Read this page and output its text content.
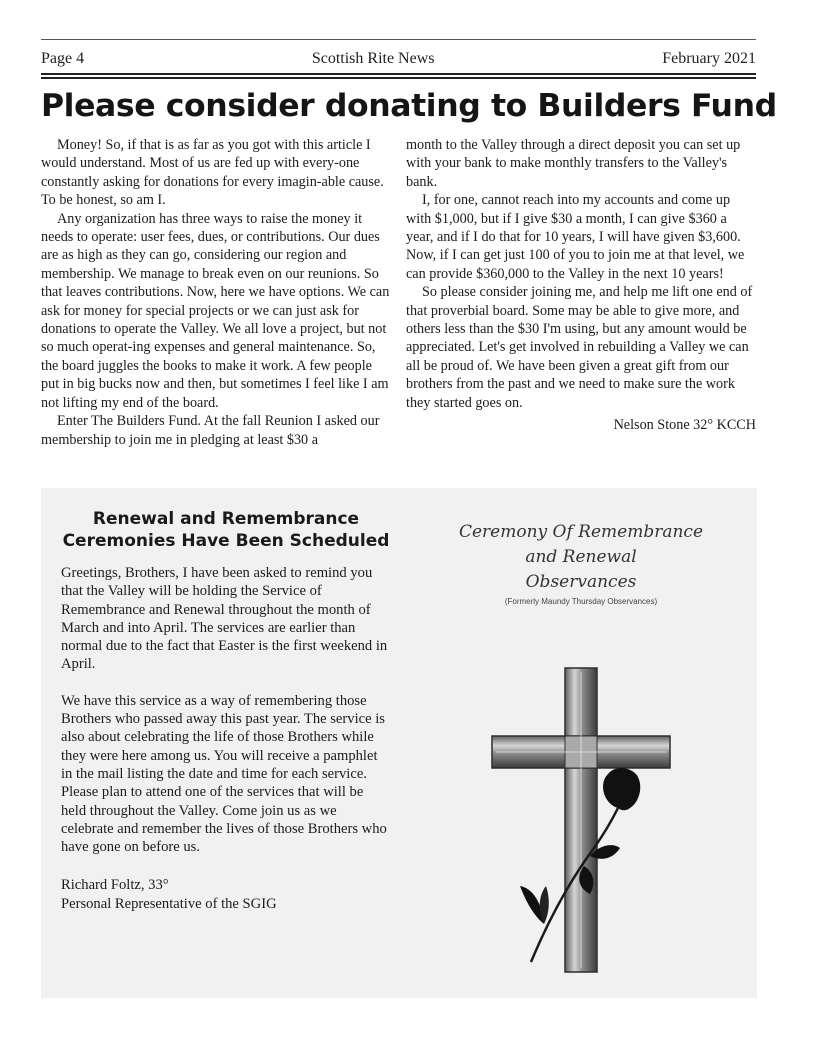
Page 4	Scottish Rite News	February 2021
Please consider donating to Builders Fund

Money! So, if that is as far as you got with this article I would understand. Most of us are fed up with every-one constantly asking for donations for every imagin-able cause. To be honest, so am I.

Any organization has three ways to raise the money it needs to operate: user fees, dues, or contributions. Our dues are as high as they can go, considering our region and membership. We manage to break even on our reunions. So that leaves contributions. Now, here we have options. We can ask for money for special projects or we can just ask for donations to operate the Valley. We all love a project, but not so much operat-ing expenses and general maintenance. So, the board juggles the books to make it work. A few people put in big bucks now and then, but sometimes I feel like I am not lifting my end of the board.

Enter The Builders Fund. At the fall Reunion I asked our membership to join me in pledging at least $30 a

month to the Valley through a direct deposit you can set up with your bank to make monthly transfers to the Valley's bank.

I, for one, cannot reach into my accounts and come up with $1,000, but if I give $30 a month, I can give $360 a year, and if I do that for 10 years, I will have given $3,600. Now, if I can get just 100 of you to join me at that level, we can provide $360,000 to the Valley in the next 10 years!

So please consider joining me, and help me lift one end of that proverbial board. Some may be able to give more, and others less than the $30 I'm using, but any amount would be appreciated. Let's get involved in rebuilding a Valley we can all be proud of. We have been given a great gift from our brothers from the past and we need to make sure the work they started goes on.

Nelson Stone 32° KCCH

Renewal and Remembrance
Ceremonies Have Been Scheduled

Greetings, Brothers, I have been asked to remind you that the Valley will be holding the Service of Remembrance and Renewal throughout the month of March and into April. The services are earlier than normal due to the fact that Easter is the first weekend in April.

We have this service as a way of remembering those Brothers who passed away this past year. The service is also about celebrating the life of those Brothers while they were here among us. You will receive a pamphlet in the mail listing the date and time for each service. Please plan to attend one of the services that will be held throughout the Valley. Come join us as we celebrate and remember the lives of those Brothers who have gone on before us.

Richard Foltz, 33°
Personal Representative of the SGIG
Ceremony Of Remembrance
and Renewal
Observances
(Formerly Maundy Thursday Observances)
